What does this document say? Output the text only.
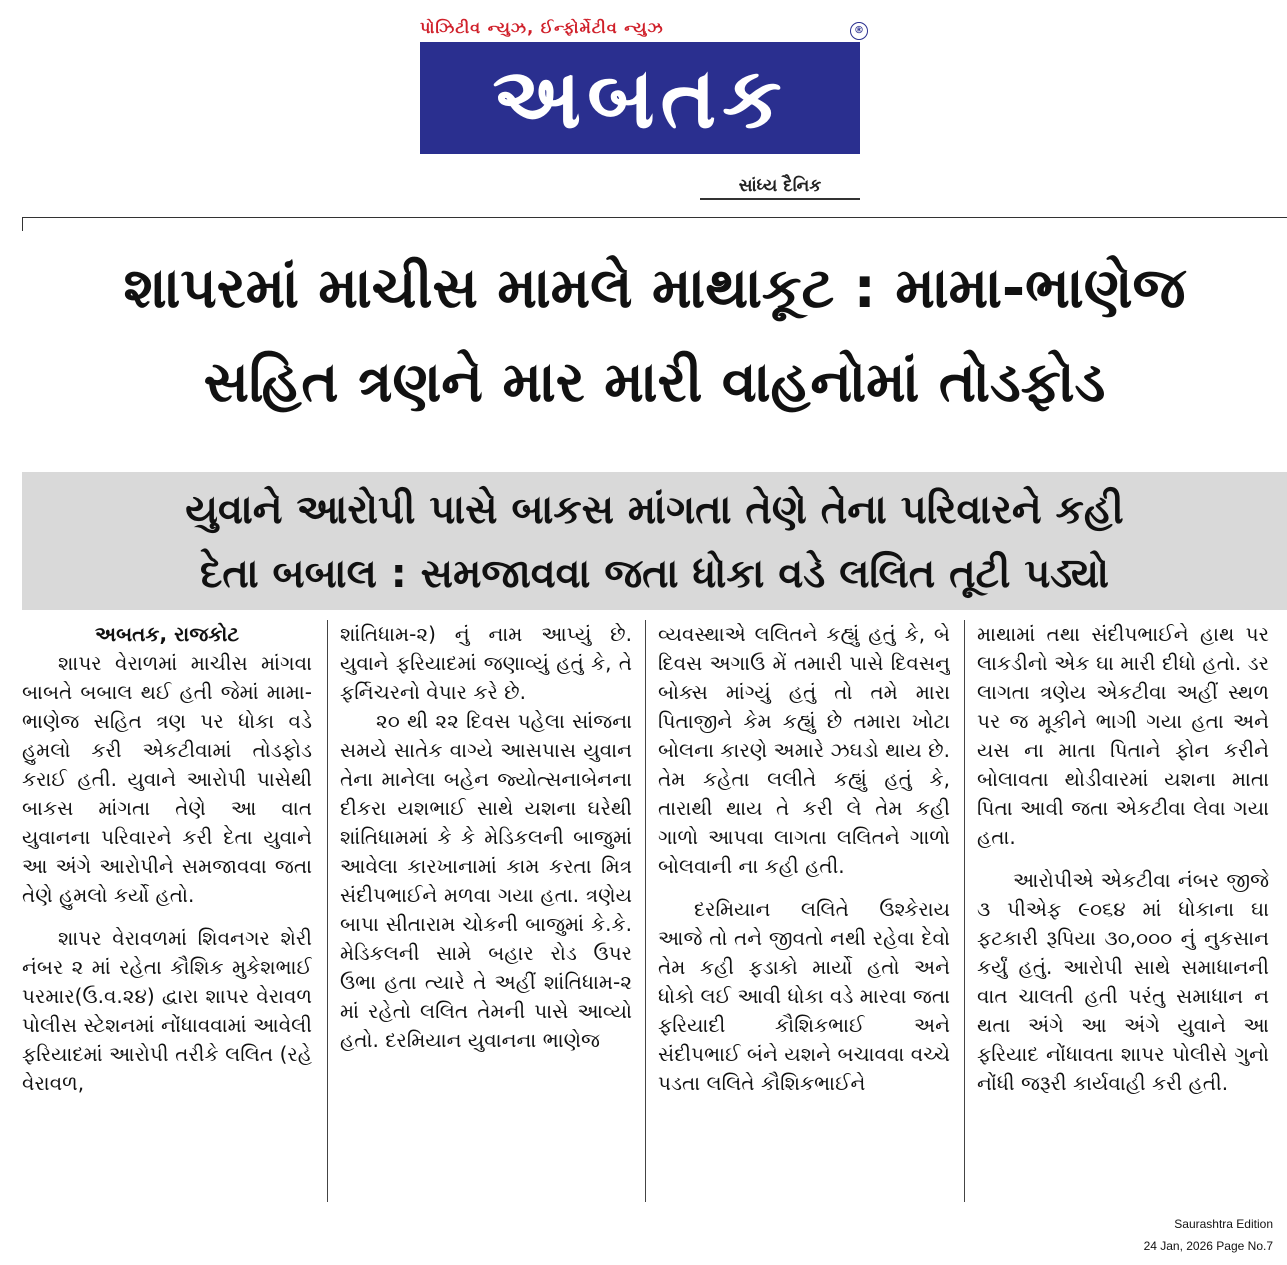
પોઝિટીવ ન્યુઝ, ઈન્ફોર્મેટીવ ન્યુઝ
અબતક
®
સાંધ્ય દૈનિક
શાપરમાં માચીસ મામલે માથાકૂટ : મામા-ભાણેજ
સહિત ત્રણને માર મારી વાહનોમાં તોડફોડ
યુવાને આરોપી પાસે બાકસ માંગતા તેણે તેના પરિવારને કહી
દેતા બબાલ : સમજાવવા જતા ધોકા વડે લલિત તૂટી પડ્યો

અબતક, રાજકોટ

શાપર વેરાળમાં માચીસ માંગવા બાબતે બબાલ થઈ હતી જેમાં મામા-ભાણેજ સહિત ત્રણ પર ધોકા વડે હુમલો કરી એકટીવામાં તોડફોડ કરાઈ હતી. યુવાને આરોપી પાસેથી બાકસ માંગતા તેણે આ વાત યુવાનના પરિવારને કરી દેતા યુવાને આ અંગે આરોપીને સમજાવવા જતા તેણે હુમલો કર્યો હતો.

શાપર વેરાવળમાં શિવનગર શેરી નંબર ૨ માં રહેતા કૌશિક મુકેશભાઈ પરમાર(ઉ.વ.૨૪) દ્વારા શાપર વેરાવળ પોલીસ સ્ટેશનમાં નોંધાવવામાં આવેલી ફરિયાદમાં આરોપી તરીકે લલિત (રહે વેરાવળ,

શાંતિધામ-૨) નું નામ આપ્યું છે. યુવાને ફરિયાદમાં જણાવ્યું હતું કે, તે ફર્નિચરનો વેપાર કરે છે.

૨૦ થી ૨૨ દિવસ પહેલા સાંજના સમયે સાતેક વાગ્યે આસપાસ યુવાન તેના માનેલા બહેન જ્યોત્સનાબેનના દીકરા યશભાઈ સાથે યશના ઘરેથી શાંતિધામમાં કે કે મેડિકલની બાજુમાં આવેલા કારખાનામાં કામ કરતા મિત્ર સંદીપભાઈને મળવા ગયા હતા. ત્રણેય બાપા સીતારામ ચોકની બાજુમાં કે.કે. મેડિકલની સામે બહાર રોડ ઉપર ઉભા હતા ત્યારે તે અહીં શાંતિધામ-૨ માં રહેતો લલિત તેમની પાસે આવ્યો હતો. દરમિયાન યુવાનના ભાણેજ

વ્યવસ્થાએ લલિતને કહ્યું હતું કે, બે દિવસ અગાઉ મેં તમારી પાસે દિવસનુ બોક્સ માંગ્યું હતું તો તમે મારા પિતાજીને કેમ કહ્યું છે તમારા ખોટા બોલના કારણે અમારે ઝઘડો થાય છે. તેમ કહેતા લલીતે કહ્યું હતું કે, તારાથી થાય તે કરી લે તેમ કહી ગાળો આપવા લાગતા લલિતને ગાળો બોલવાની ના કહી હતી.

દરમિયાન લલિતે ઉશ્કેરાય આજે તો તને જીવતો નથી રહેવા દેવો તેમ કહી ફડાકો માર્યો હતો અને ધોકો લઈ આવી ધોકા વડે મારવા જતા ફરિયાદી કૌશિકભાઈ અને સંદીપભાઈ બંને યશને બચાવવા વચ્ચે પડતા લલિતે કૌશિકભાઈને

માથામાં તથા સંદીપભાઈને હાથ પર લાકડીનો એક ઘા મારી દીધો હતો. ડર લાગતા ત્રણેય એકટીવા અહીં સ્થળ પર જ મૂકીને ભાગી ગયા હતા અને યસ ના માતા પિતાને ફોન કરીને બોલાવતા થોડીવારમાં યશના માતા પિતા આવી જતા એકટીવા લેવા ગયા હતા.

આરોપીએ એકટીવા નંબર જીજે ૩ પીએફ ૯૦૬૪ માં ધોકાના ઘા ફટકારી રૂપિયા ૩૦,૦૦૦ નું નુકસાન કર્યું હતું. આરોપી સાથે સમાધાનની વાત ચાલતી હતી પરંતુ સમાધાન ન થતા અંગે આ અંગે યુવાને આ ફરિયાદ નોંધાવતા શાપર પોલીસે ગુનો નોંધી જરૂરી કાર્યવાહી કરી હતી.

Saurashtra Edition
24 Jan, 2026 Page No.7
